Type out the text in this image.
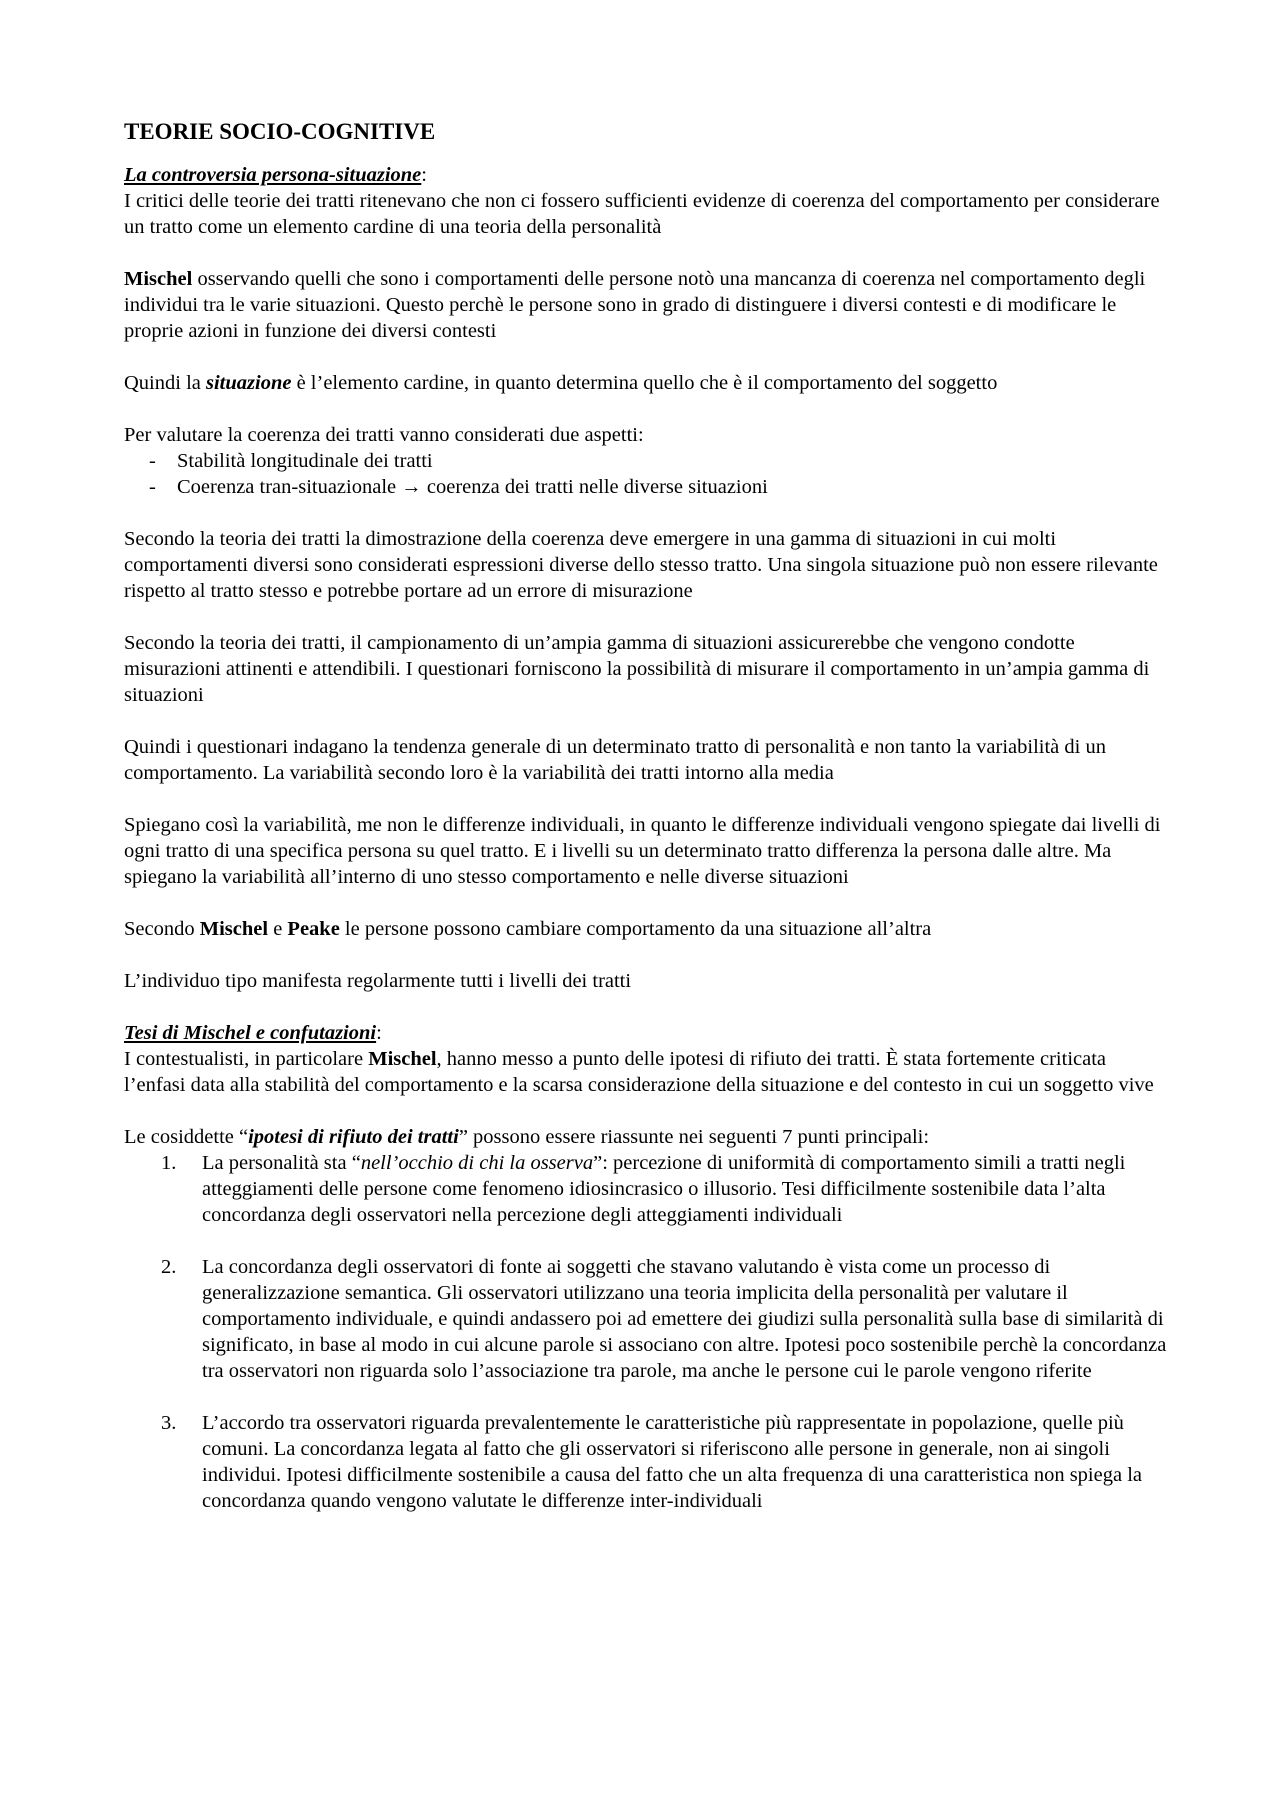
TEORIE SOCIO-COGNITIVE

La controversia persona-situazione:

I critici delle teorie dei tratti ritenevano che non ci fossero sufficienti evidenze di coerenza del comportamento per considerare un tratto come un elemento cardine di una teoria della personalità

Mischel osservando quelli che sono i comportamenti delle persone notò una mancanza di coerenza nel comportamento degli individui tra le varie situazioni. Questo perchè le persone sono in grado di distinguere i diversi contesti e di modificare le proprie azioni in funzione dei diversi contesti

Quindi la situazione è l’elemento cardine, in quanto determina quello che è il comportamento del soggetto

Per valutare la coerenza dei tratti vanno considerati due aspetti:

- Stabilità longitudinale dei tratti
- Coerenza tran-situazionale → coerenza dei tratti nelle diverse situazioni

Secondo la teoria dei tratti la dimostrazione della coerenza deve emergere in una gamma di situazioni in cui molti comportamenti diversi sono considerati espressioni diverse dello stesso tratto. Una singola situazione può non essere rilevante rispetto al tratto stesso e potrebbe portare ad un errore di misurazione

Secondo la teoria dei tratti, il campionamento di un’ampia gamma di situazioni assicurerebbe che vengono condotte misurazioni attinenti e attendibili. I questionari forniscono la possibilità di misurare il comportamento in un’ampia gamma di situazioni

Quindi i questionari indagano la tendenza generale di un determinato tratto di personalità e non tanto la variabilità di un comportamento. La variabilità secondo loro è la variabilità dei tratti intorno alla media

Spiegano così la variabilità, me non le differenze individuali, in quanto le differenze individuali vengono spiegate dai livelli di ogni tratto di una specifica persona su quel tratto. E i livelli su un determinato tratto differenza la persona dalle altre. Ma spiegano la variabilità all’interno di uno stesso comportamento e nelle diverse situazioni

Secondo Mischel e Peake le persone possono cambiare comportamento da una situazione all’altra

L’individuo tipo manifesta regolarmente tutti i livelli dei tratti

Tesi di Mischel e confutazioni:

I contestualisti, in particolare Mischel, hanno messo a punto delle ipotesi di rifiuto dei tratti. È stata fortemente criticata l’enfasi data alla stabilità del comportamento e la scarsa considerazione della situazione e del contesto in cui un soggetto vive

Le cosiddette “ipotesi di rifiuto dei tratti” possono essere riassunte nei seguenti 7 punti principali:

1. La personalità sta “nell’occhio di chi la osserva”: percezione di uniformità di comportamento simili a tratti negli atteggiamenti delle persone come fenomeno idiosincrasico o illusorio. Tesi difficilmente sostenibile data l’alta concordanza degli osservatori nella percezione degli atteggiamenti individuali
2. La concordanza degli osservatori di fonte ai soggetti che stavano valutando è vista come un processo di generalizzazione semantica. Gli osservatori utilizzano una teoria implicita della personalità per valutare il comportamento individuale, e quindi andassero poi ad emettere dei giudizi sulla personalità sulla base di similarità di significato, in base al modo in cui alcune parole si associano con altre. Ipotesi poco sostenibile perchè la concordanza tra osservatori non riguarda solo l’associazione tra parole, ma anche le persone cui le parole vengono riferite
3. L’accordo tra osservatori riguarda prevalentemente le caratteristiche più rappresentate in popolazione, quelle più comuni. La concordanza legata al fatto che gli osservatori si riferiscono alle persone in generale, non ai singoli individui. Ipotesi difficilmente sostenibile a causa del fatto che un alta frequenza di una caratteristica non spiega la concordanza quando vengono valutate le differenze inter-individuali
